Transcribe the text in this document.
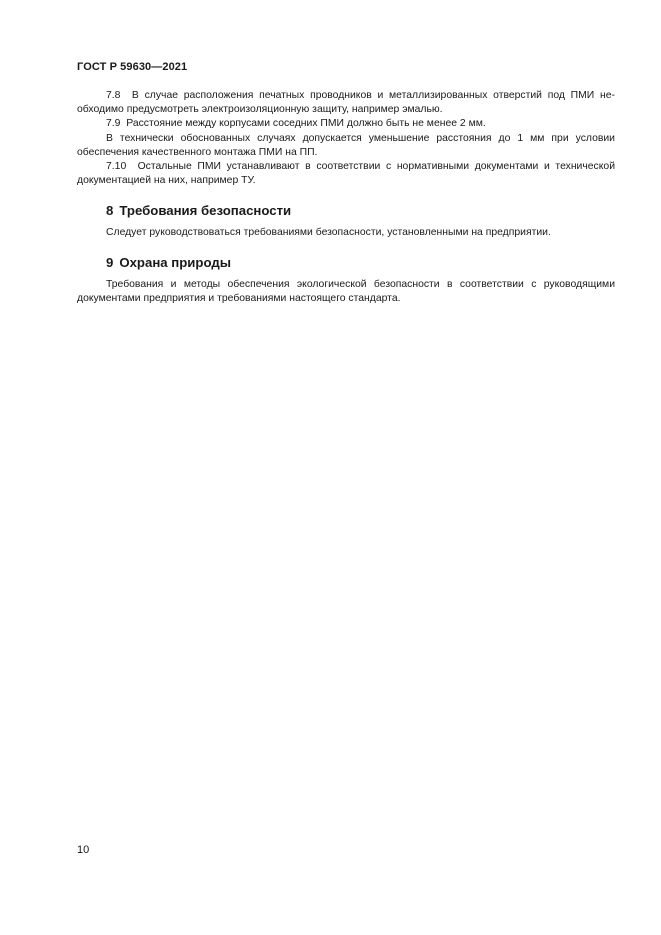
ГОСТ Р 59630—2021

7.8 В случае расположения печатных проводников и металлизированных отверстий под ПМИ не-

обходимо предусмотреть электроизоляционную защиту, например эмалью.

7.9 Расстояние между корпусами соседних ПМИ должно быть не менее 2 мм.

В технически обоснованных случаях допускается уменьшение расстояния до 1 мм при условии

обеспечения качественного монтажа ПМИ на ПП.

7.10 Остальные ПМИ устанавливают в соответствии с нормативными документами и технической

документацией на них, например ТУ.

8 Требования безопасности

Следует руководствоваться требованиями безопасности, установленными на предприятии.

9 Охрана природы

Требования и методы обеспечения экологической безопасности в соответствии с руководящими

документами предприятия и требованиями настоящего стандарта.

10
